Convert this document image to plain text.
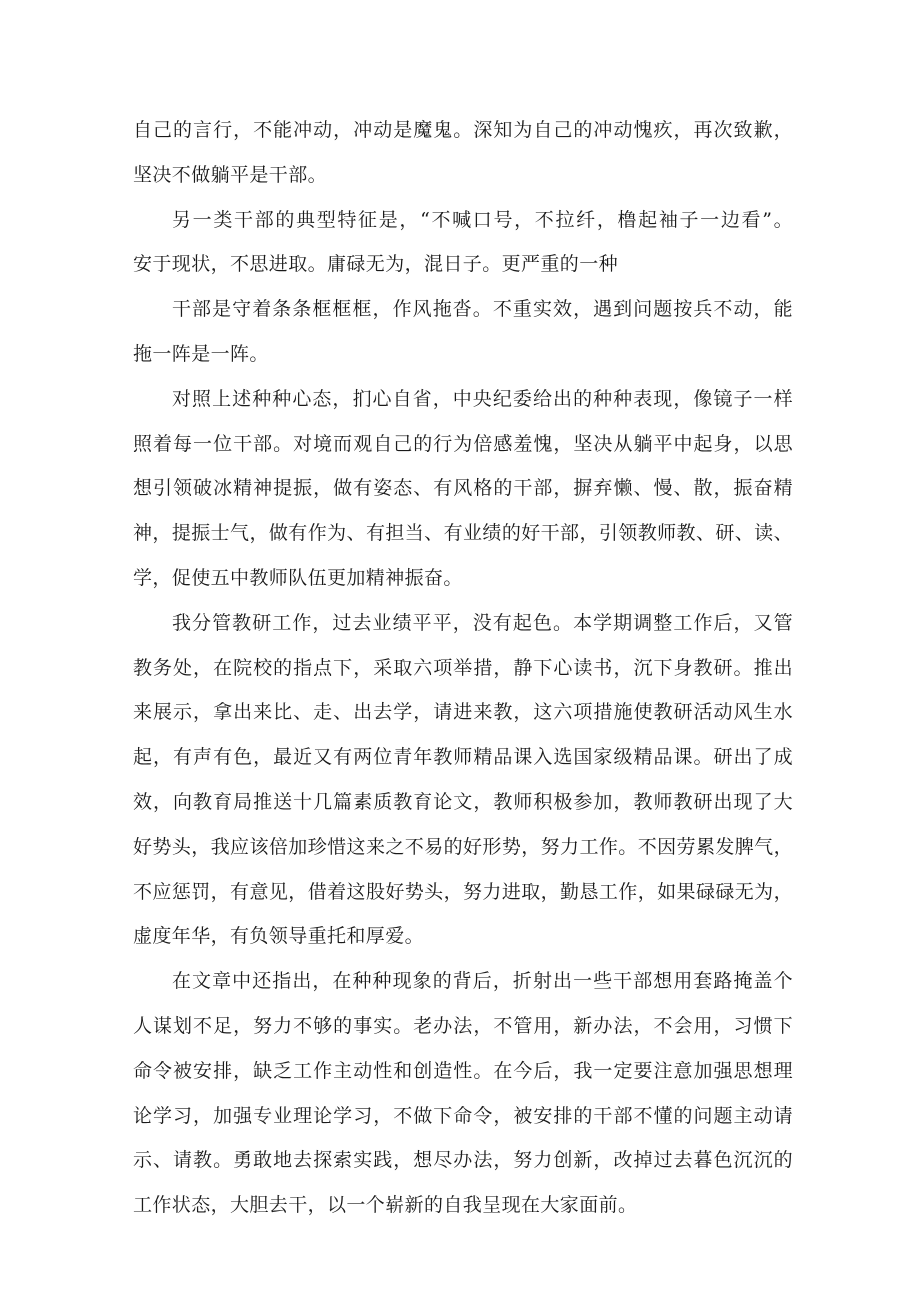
自己的言行，不能冲动，冲动是魔鬼。深知为自己的冲动愧疚，再次致歉，
坚决不做躺平是干部。

另一类干部的典型特征是，“不喊口号，不拉纤，橹起袖子一边看”。
安于现状，不思进取。庸碌无为，混日子。更严重的一种

干部是守着条条框框框，作风拖沓。不重实效，遇到问题按兵不动，能
拖一阵是一阵。

对照上述种种心态，扪心自省，中央纪委给出的种种表现，像镜子一样
照着每一位干部。对境而观自己的行为倍感羞愧，坚决从躺平中起身，以思
想引领破冰精神提振，做有姿态、有风格的干部，摒弃懒、慢、散，振奋精
神，提振士气，做有作为、有担当、有业绩的好干部，引领教师教、研、读、
学，促使五中教师队伍更加精神振奋。

我分管教研工作，过去业绩平平，没有起色。本学期调整工作后，又管
教务处，在院校的指点下，采取六项举措，静下心读书，沉下身教研。推出
来展示，拿出来比、走、出去学，请进来教，这六项措施使教研活动风生水
起，有声有色，最近又有两位青年教师精品课入选国家级精品课。研出了成
效，向教育局推送十几篇素质教育论文，教师积极参加，教师教研出现了大
好势头，我应该倍加珍惜这来之不易的好形势，努力工作。不因劳累发脾气，
不应惩罚，有意见，借着这股好势头，努力进取，勤恳工作，如果碌碌无为，
虚度年华，有负领导重托和厚爱。

在文章中还指出，在种种现象的背后，折射出一些干部想用套路掩盖个
人谋划不足，努力不够的事实。老办法，不管用，新办法，不会用，习惯下
命令被安排，缺乏工作主动性和创造性。在今后，我一定要注意加强思想理
论学习，加强专业理论学习，不做下命令，被安排的干部不懂的问题主动请
示、请教。勇敢地去探索实践，想尽办法，努力创新，改掉过去暮色沉沉的
工作状态，大胆去干，以一个崭新的自我呈现在大家面前。
